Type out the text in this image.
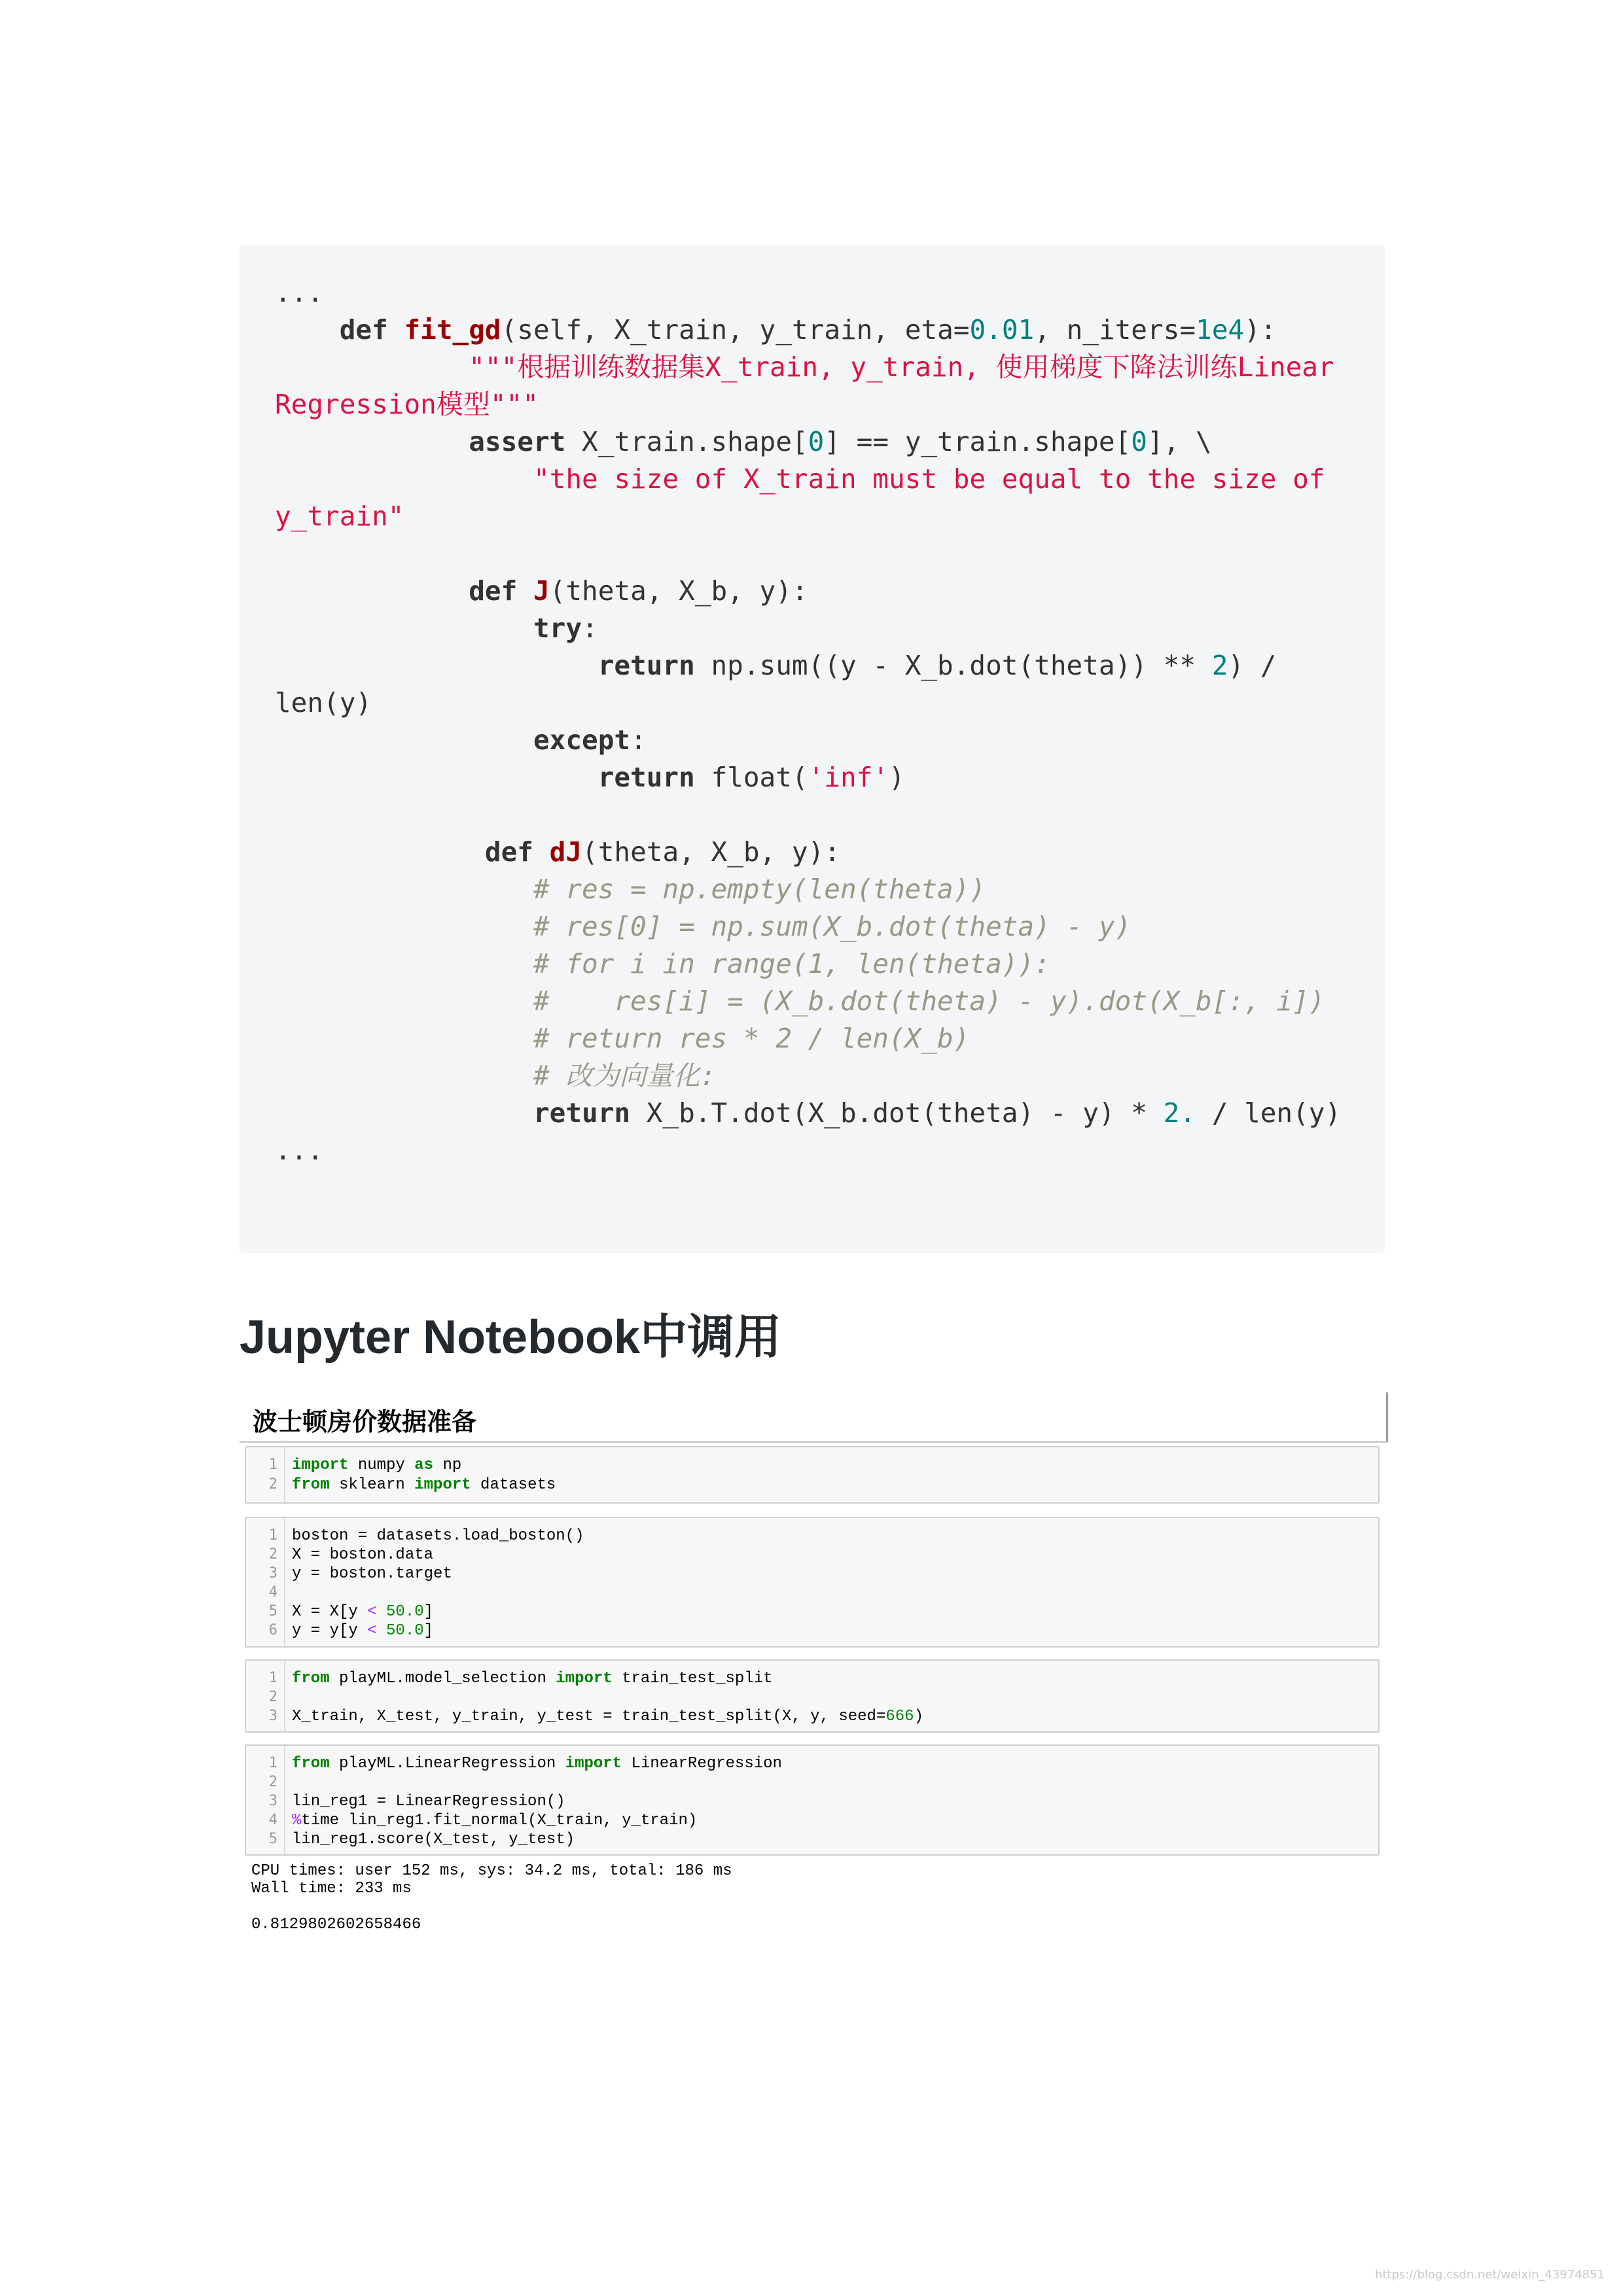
...
def fit_gd(self, X_train, y_train, eta=0.01, n_iters=1e4):
"""根据训练数据集X_train, y_train, 使用梯度下降法训练Linear
Regression模型"""
assert X_train.shape[0] == y_train.shape[0], \
"the size of X_train must be equal to the size of
y_train"

def J(theta, X_b, y):
try:
return np.sum((y - X_b.dot(theta)) ** 2) /
len(y)
except:
return float('inf')

def dJ(theta, X_b, y):
# res = np.empty(len(theta))
# res[0] = np.sum(X_b.dot(theta) - y)
# for i in range(1, len(theta)):
#    res[i] = (X_b.dot(theta) - y).dot(X_b[:, i])
# return res * 2 / len(X_b)
# 改为向量化:
return X_b.T.dot(X_b.dot(theta) - y) * 2. / len(y)
...
Jupyter Notebook中调用

波士顿房价数据准备

1
2
import numpy as np
from sklearn import datasets
1
2
3
4
5
6
boston = datasets.load_boston()
X = boston.data
y = boston.target
X = X[y < 50.0]
y = y[y < 50.0]
1
2
3
from playML.model_selection import train_test_split
X_train, X_test, y_train, y_test = train_test_split(X, y, seed=666)
1
2
3
4
5
from playML.LinearRegression import LinearRegression
lin_reg1 = LinearRegression()
%time lin_reg1.fit_normal(X_train, y_train)
lin_reg1.score(X_test, y_test)
CPU times: user 152 ms, sys: 34.2 ms, total: 186 ms
Wall time: 233 ms
0.8129802602658466
https://blog.csdn.net/weixin_43974851
